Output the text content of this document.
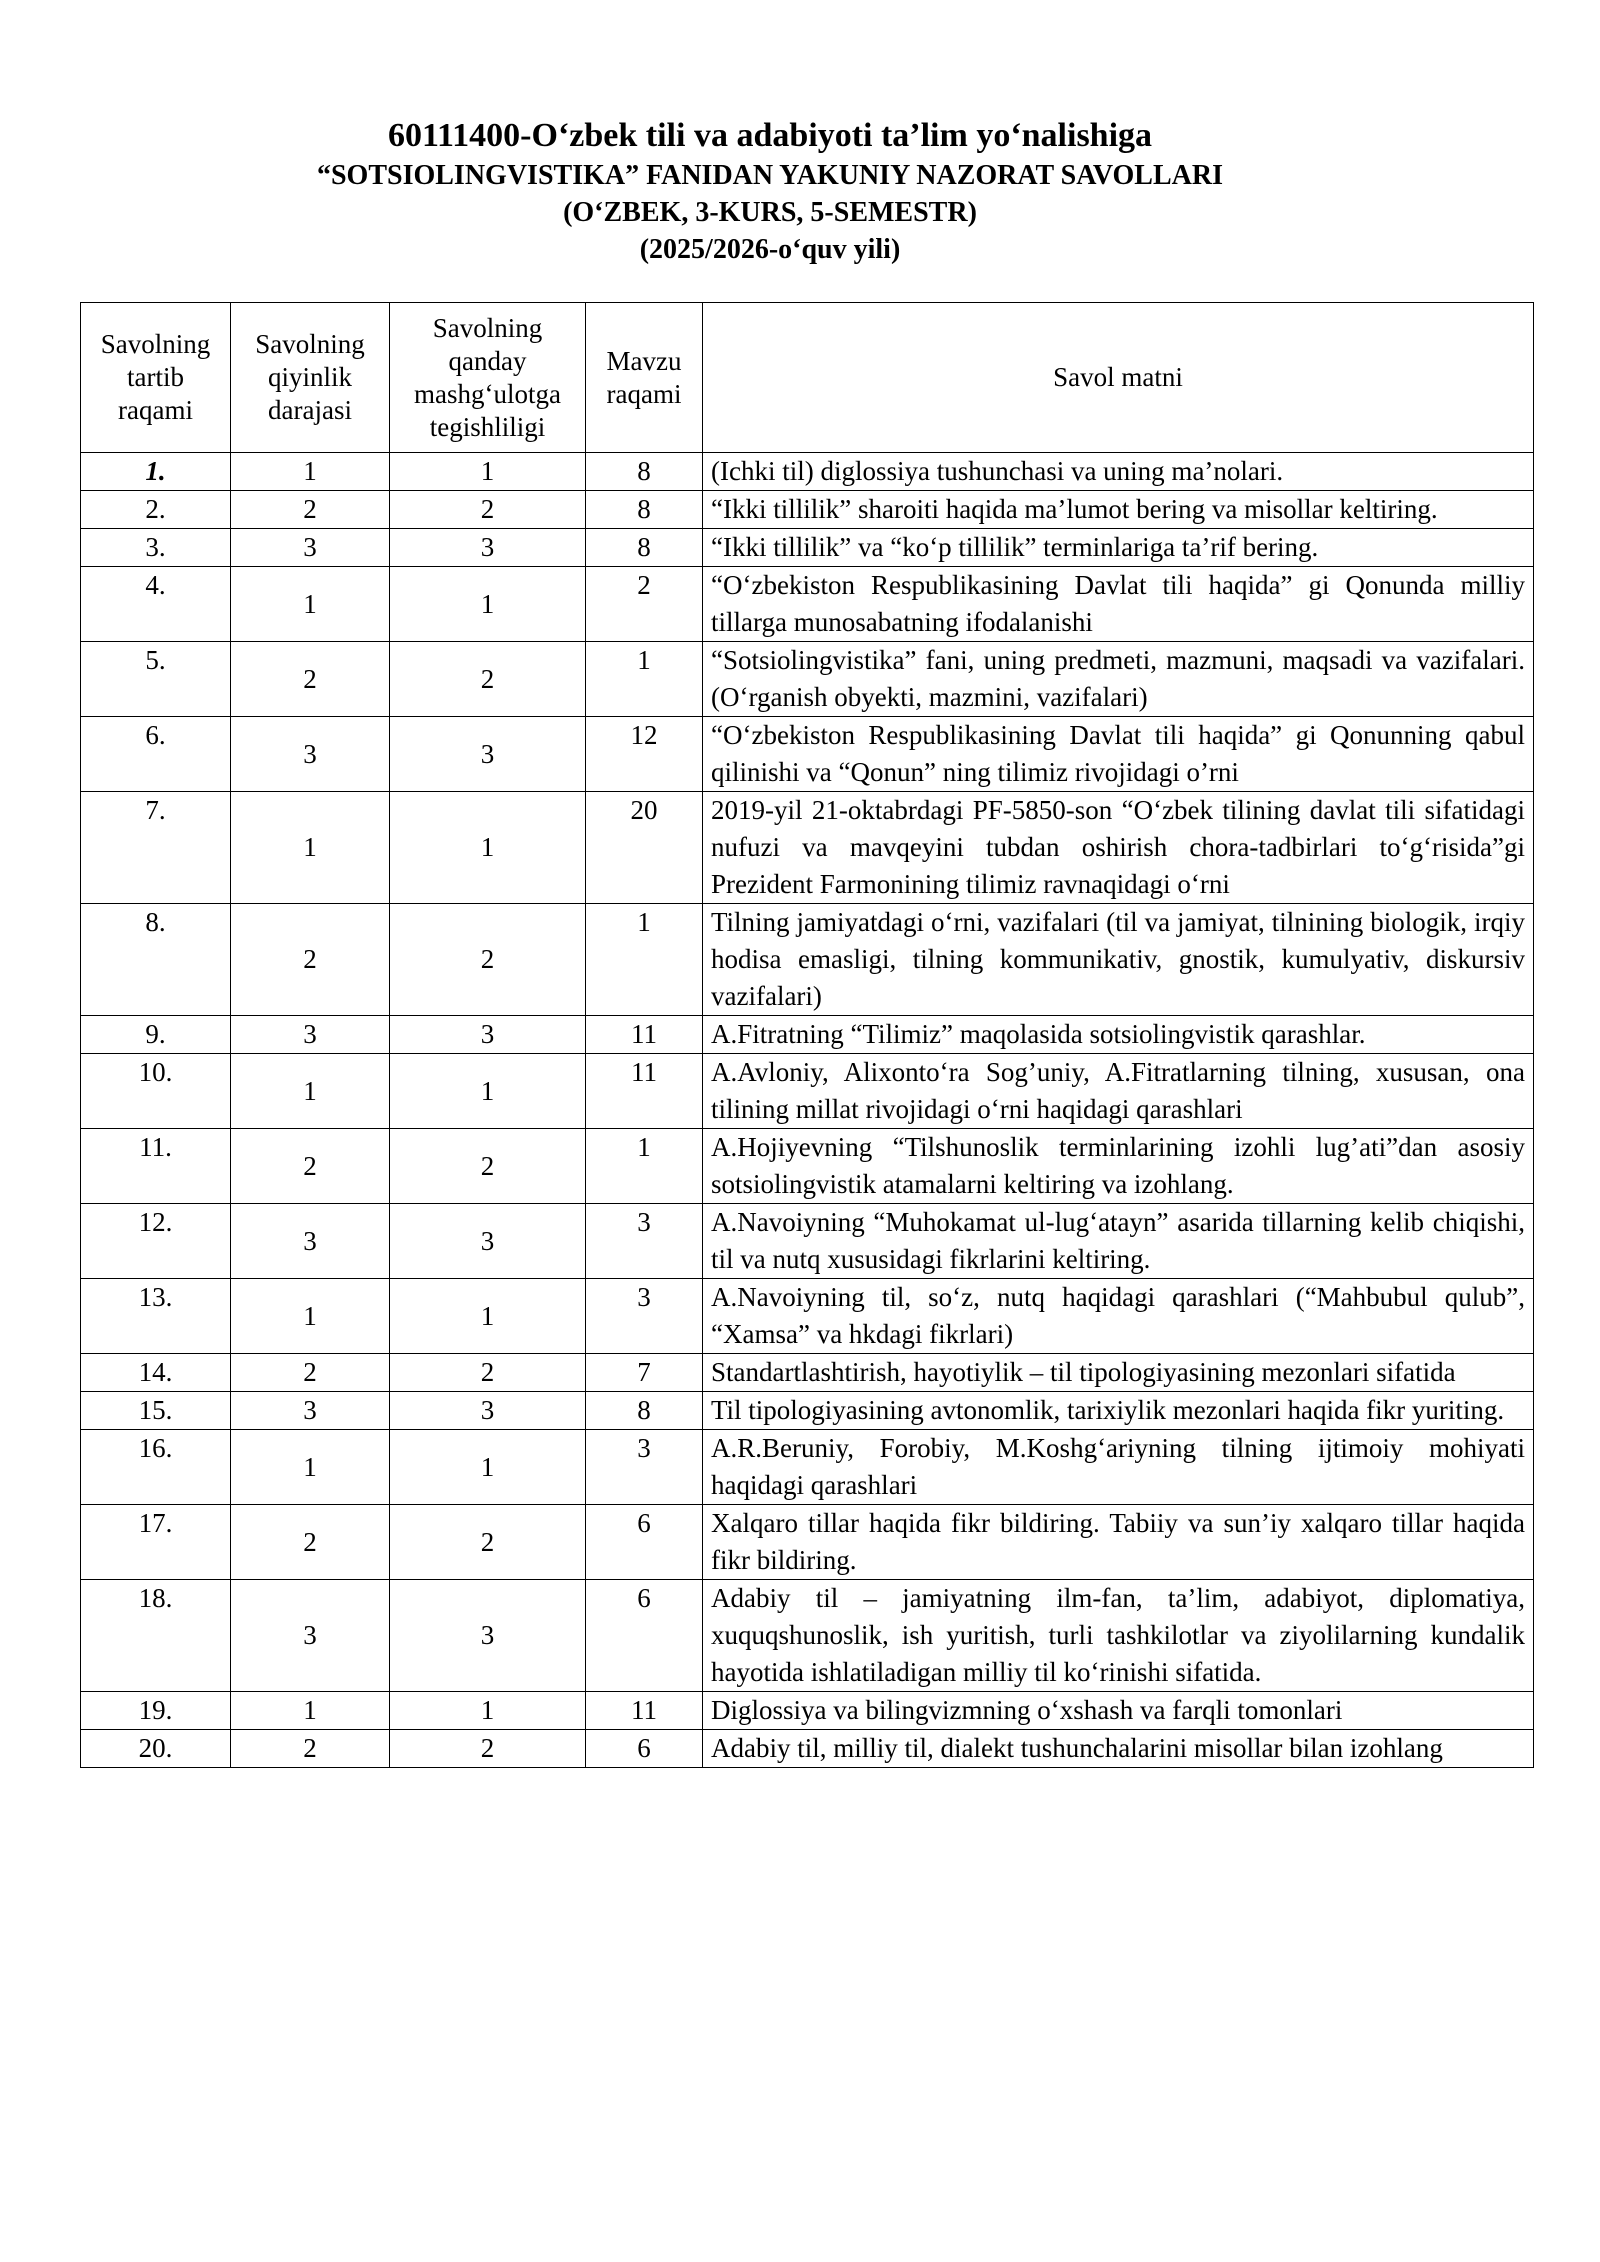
60111400-O‘zbek tili va adabiyoti ta’lim yo‘nalishiga
“SOTSIOLINGVISTIKA” FANIDAN YAKUNIY NAZORAT SAVOLLARI
(O‘ZBEK, 3-KURS, 5-SEMESTR)
(2025/2026-o‘quv yili)
Savolning tartib raqami	Savolning qiyinlik darajasi	Savolning qanday mashg‘ulotga tegishliligi	Mavzu raqami	Savol matni
1.	1	1	8	(Ichki til) diglossiya tushunchasi va uning ma’nolari.
2.	2	2	8	“Ikki tillilik” sharoiti haqida ma’lumot bering va misollar keltiring.
3.	3	3	8	“Ikki tillilik” va “ko‘p tillilik” terminlariga ta’rif bering.
4.	1	1	2	“O‘zbekiston Respublikasining Davlat tili haqida” gi Qonunda milliy tillarga munosabatning ifodalanishi
5.	2	2	1	“Sotsiolingvistika” fani, uning predmeti, mazmuni, maqsadi va vazifalari. (O‘rganish obyekti, mazmini, vazifalari)
6.	3	3	12	“O‘zbekiston Respublikasining Davlat tili haqida” gi Qonunning qabul qilinishi va “Qonun” ning tilimiz rivojidagi o’rni
7.	1	1	20	2019-yil 21-oktabrdagi PF-5850-son “O‘zbek tilining davlat tili sifatidagi nufuzi va mavqeyini tubdan oshirish chora-tadbirlari to‘g‘risida”gi Prezident Farmonining tilimiz ravnaqidagi o‘rni
8.	2	2	1	Tilning jamiyatdagi o‘rni, vazifalari (til va jamiyat, tilnining biologik, irqiy hodisa emasligi, tilning kommunikativ, gnostik, kumulyativ, diskursiv vazifalari)
9.	3	3	11	A.Fitratning “Tilimiz” maqolasida sotsiolingvistik qarashlar.
10.	1	1	11	A.Avloniy, Alixonto‘ra Sog’uniy, A.Fitratlarning tilning, xususan, ona tilining millat rivojidagi o‘rni haqidagi qarashlari
11.	2	2	1	A.Hojiyevning “Tilshunoslik terminlarining izohli lug’ati”dan asosiy sotsiolingvistik atamalarni keltiring va izohlang.
12.	3	3	3	A.Navoiyning “Muhokamat ul-lug‘atayn” asarida tillarning kelib chiqishi, til va nutq xususidagi fikrlarini keltiring.
13.	1	1	3	A.Navoiyning til, so‘z, nutq haqidagi qarashlari (“Mahbubul qulub”, “Xamsa” va hkdagi fikrlari)
14.	2	2	7	Standartlashtirish, hayotiylik – til tipologiyasining mezonlari sifatida
15.	3	3	8	Til tipologiyasining avtonomlik, tarixiylik mezonlari haqida fikr yuriting.
16.	1	1	3	A.R.Beruniy, Forobiy, M.Koshg‘ariyning tilning ijtimoiy mohiyati haqidagi qarashlari
17.	2	2	6	Xalqaro tillar haqida fikr bildiring. Tabiiy va sun’iy xalqaro tillar haqida fikr bildiring.
18.	3	3	6	Adabiy til – jamiyatning ilm-fan, ta’lim, adabiyot, diplomatiya, xuquqshunoslik, ish yuritish, turli tashkilotlar va ziyolilarning kundalik hayotida ishlatiladigan milliy til ko‘rinishi sifatida.
19.	1	1	11	Diglossiya va bilingvizmning o‘xshash va farqli tomonlari
20.	2	2	6	Adabiy til, milliy til, dialekt tushunchalarini misollar bilan izohlang
